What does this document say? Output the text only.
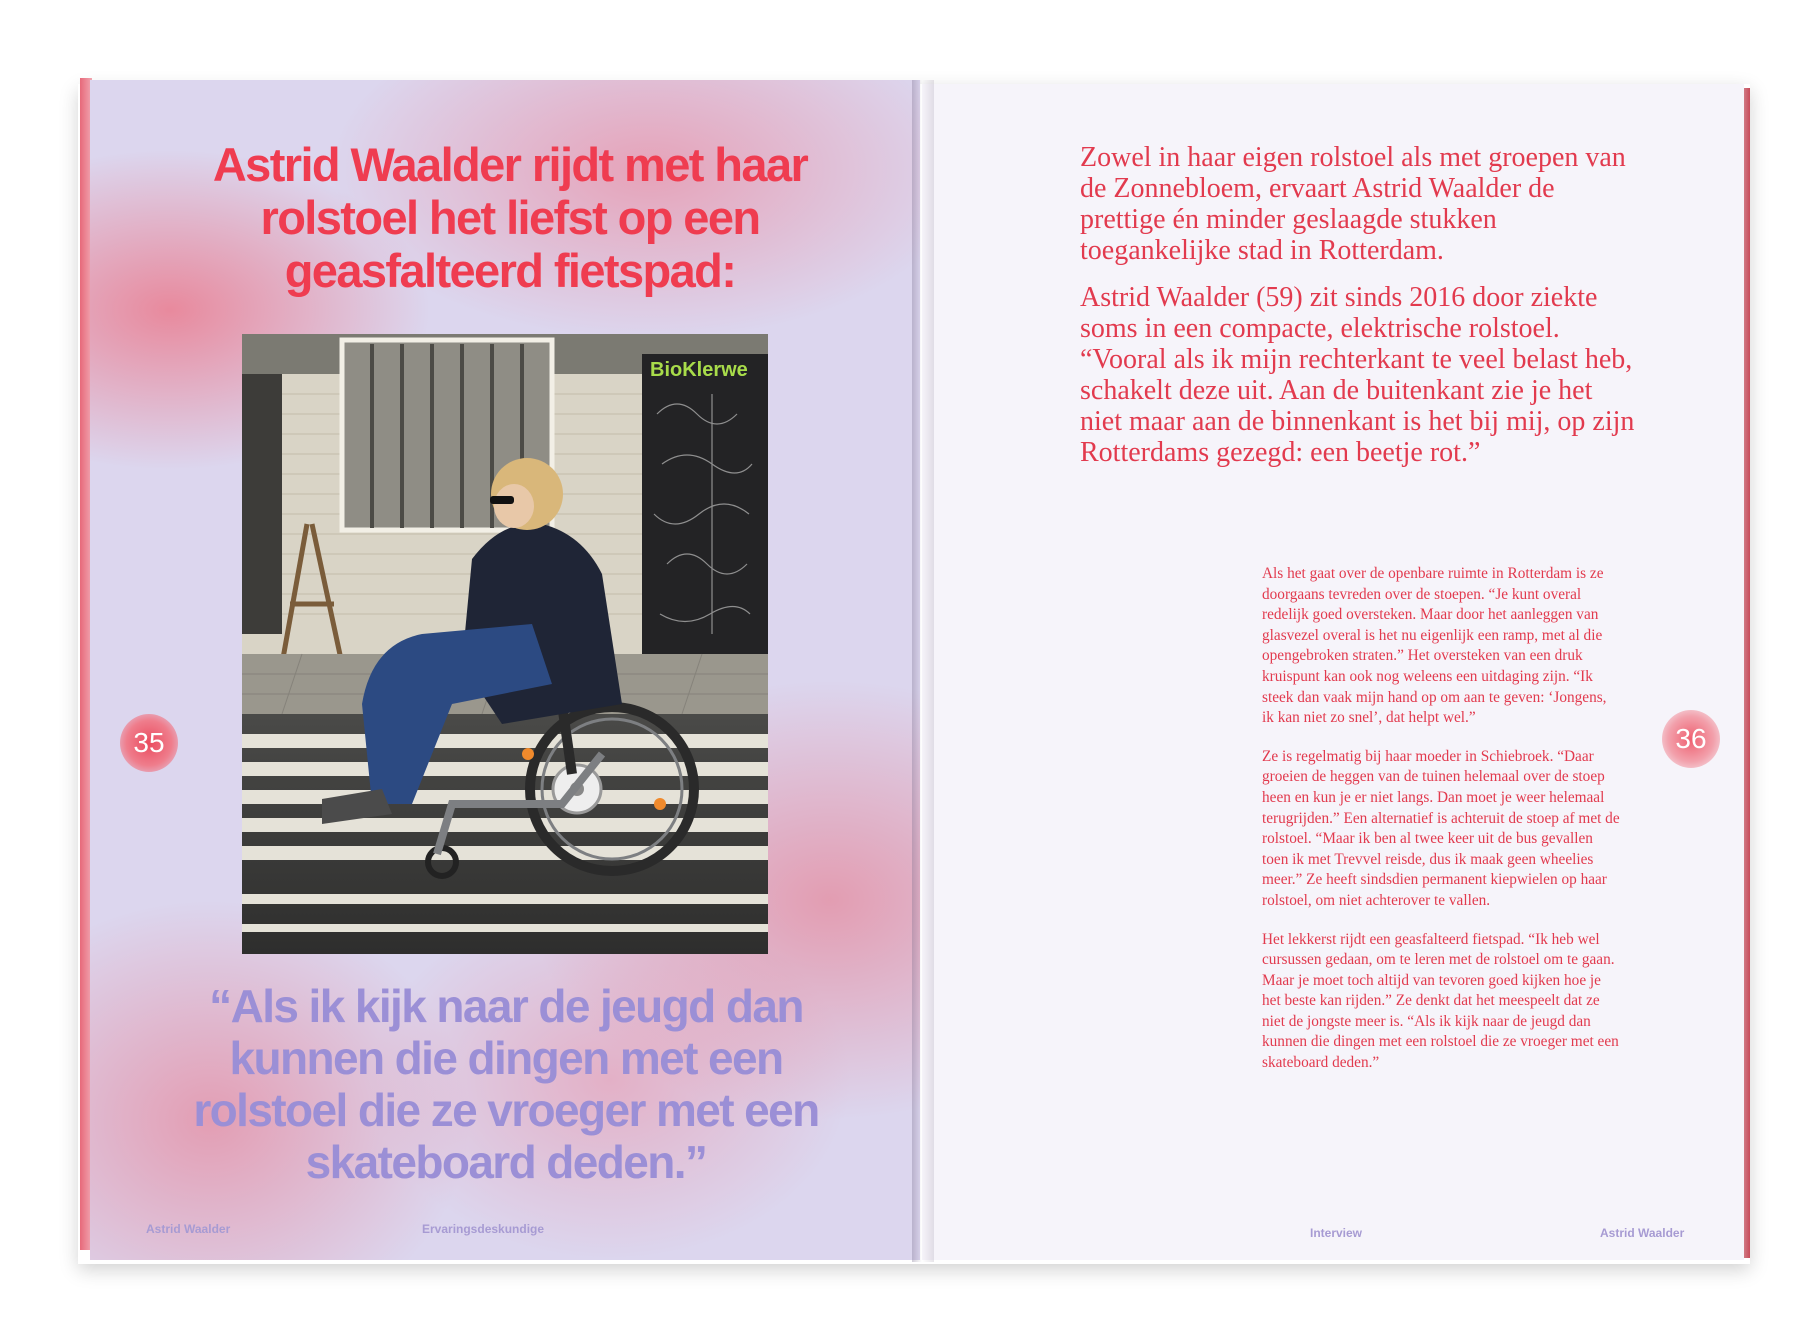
Astrid Waalder rijdt met haar rolstoel het liefst op een geasfalteerd fietspad:
BioKlerwe
35
“Als ik kijk naar de jeugd dan kunnen die dingen met een rolstoel die ze vroeger met een skateboard deden.”
Astrid Waalder	Ervaringsdeskundige

Zowel in haar eigen rolstoel als met groepen van de Zonnebloem, ervaart Astrid Waalder de prettige én minder geslaagde stukken toegankelijke stad in Rotterdam.

Astrid Waalder (59) zit sinds 2016 door ziekte soms in een compacte, elektrische rolstoel. “Vooral als ik mijn rechterkant te veel belast heb, schakelt deze uit. Aan de buitenkant zie je het niet maar aan de binnenkant is het bij mij, op zijn Rotterdams gezegd: een beetje rot.”

Als het gaat over de openbare ruimte in Rotterdam is ze doorgaans tevreden over de stoepen. “Je kunt overal redelijk goed oversteken. Maar door het aanleggen van glasvezel overal is het nu eigenlijk een ramp, met al die opengebroken straten.” Het oversteken van een druk kruispunt kan ook nog weleens een uitdaging zijn. “Ik steek dan vaak mijn hand op om aan te geven: ‘Jongens, ik kan niet zo snel’, dat helpt wel.”

Ze is regelmatig bij haar moeder in Schiebroek. “Daar groeien de heggen van de tuinen helemaal over de stoep heen en kun je er niet langs. Dan moet je weer helemaal terugrijden.” Een alternatief is achteruit de stoep af met de rolstoel. “Maar ik ben al twee keer uit de bus gevallen toen ik met Trevvel reisde, dus ik maak geen wheelies meer.” Ze heeft sindsdien permanent kiepwielen op haar rolstoel, om niet achterover te vallen.

Het lekkerst rijdt een geasfalteerd fietspad. “Ik heb wel cursussen gedaan, om te leren met de rolstoel om te gaan. Maar je moet toch altijd van tevoren goed kijken hoe je het beste kan rijden.” Ze denkt dat het meespeelt dat ze niet de jongste meer is. “Als ik kijk naar de jeugd dan kunnen die dingen met een rolstoel die ze vroeger met een skateboard deden.”

36
Interview	Astrid Waalder
